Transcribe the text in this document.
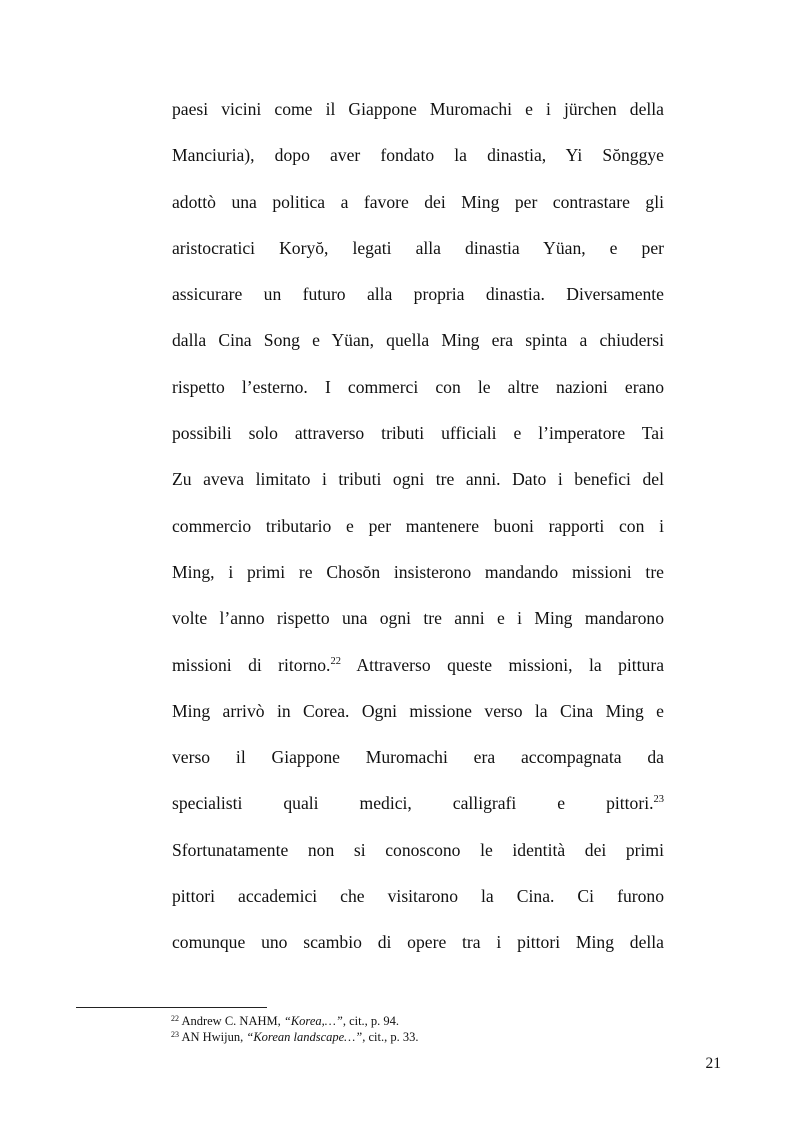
paesi vicini come il Giappone Muromachi e i jürchen della
Manciuria), dopo aver fondato la dinastia, Yi Sŏnggye
adottò una politica a favore dei Ming per contrastare gli
aristocratici Koryŏ, legati alla dinastia Yüan, e per
assicurare un futuro alla propria dinastia. Diversamente
dalla Cina Song e Yüan, quella Ming era spinta a chiudersi
rispetto l’esterno. I commerci con le altre nazioni erano
possibili solo attraverso tributi ufficiali e l’imperatore Tai
Zu aveva limitato i tributi ogni tre anni. Dato i benefici del
commercio tributario e per mantenere buoni rapporti con i
Ming, i primi re Chosŏn insisterono mandando missioni tre
volte l’anno rispetto una ogni tre anni e i Ming mandarono
missioni di ritorno.$^{22}$ Attraverso queste missioni, la pittura
Ming arrivò in Corea. Ogni missione verso la Cina Ming e
verso il Giappone Muromachi era accompagnata da
specialisti quali medici, calligrafi e pittori.$^{23}$
Sfortunatamente non si conoscono le identità dei primi
pittori accademici che visitarono la Cina. Ci furono
comunque uno scambio di opere tra i pittori Ming della
$^{22}$ Andrew C. NAHM, “Korea,…”, cit., p. 94.
$^{23}$ AN Hwijun, “Korean landscape…”, cit., p. 33.
21
